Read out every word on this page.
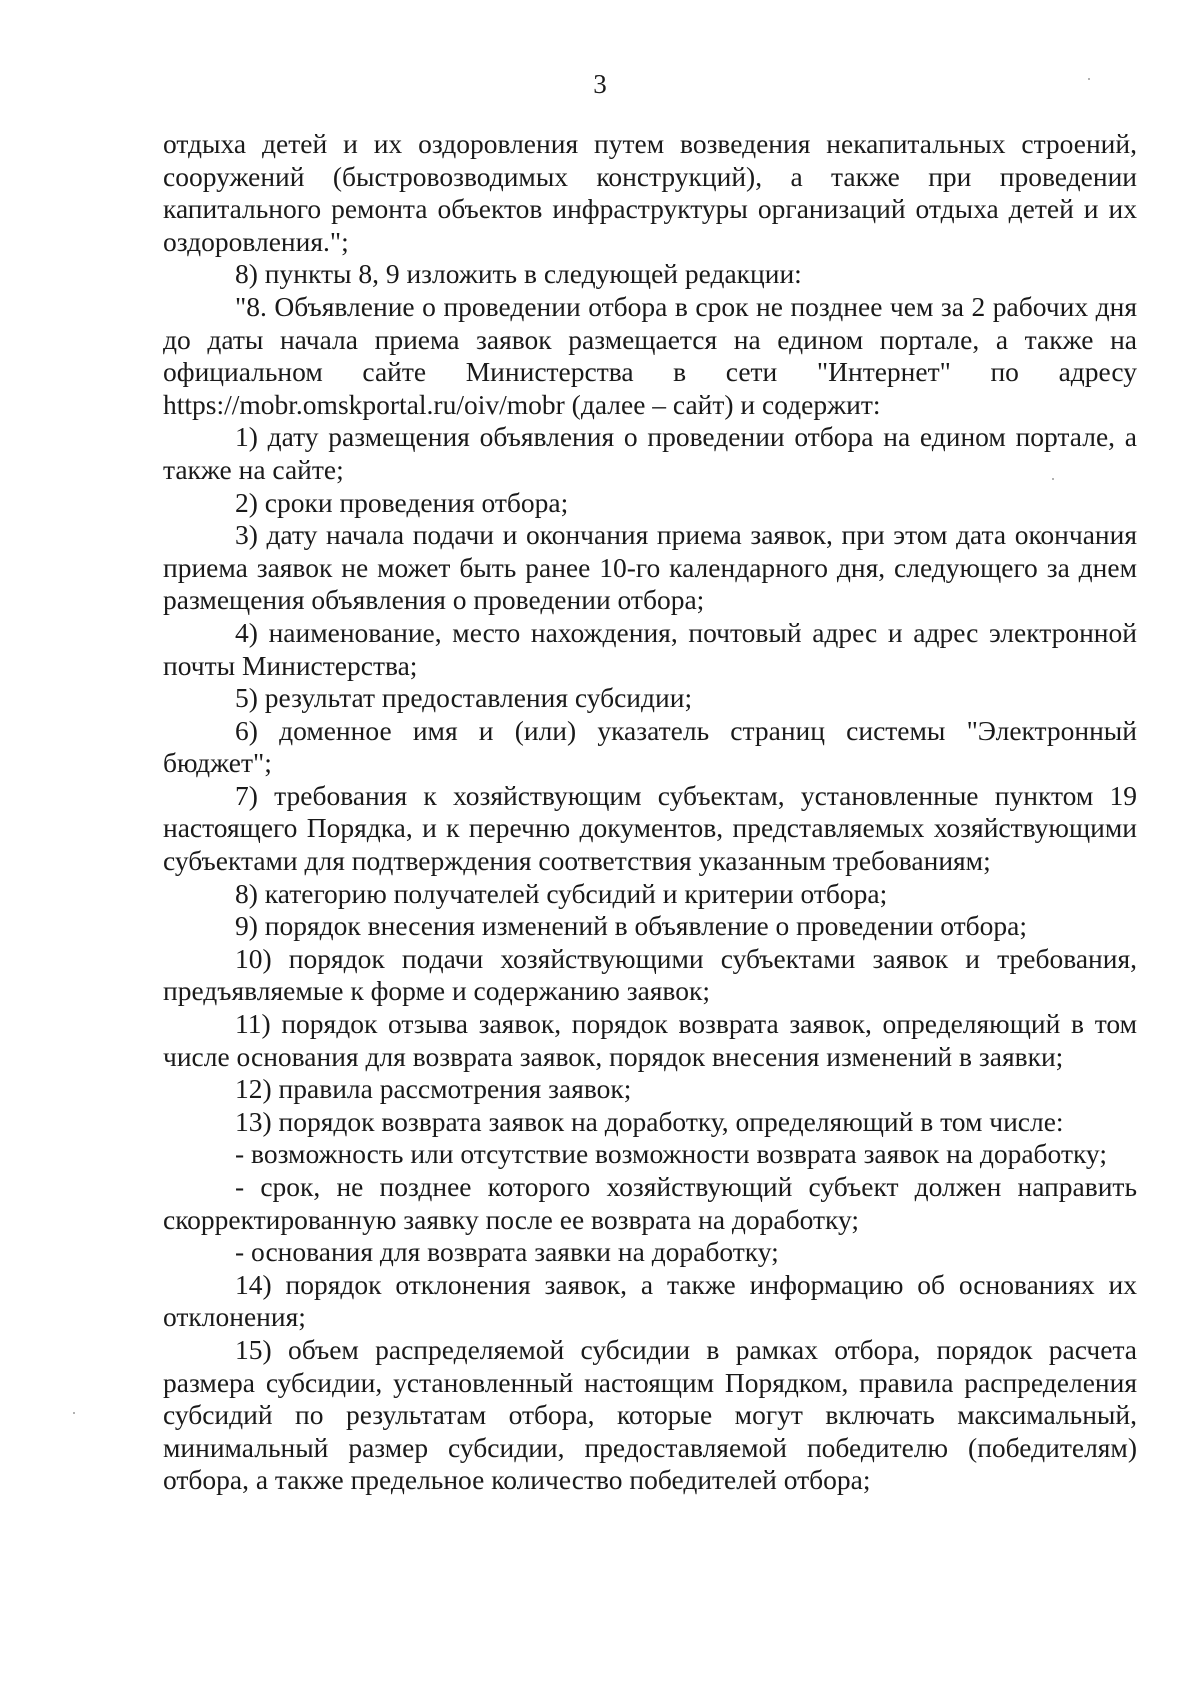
3

отдыха детей и их оздоровления путем возведения некапитальных строений, сооружений (быстровозводимых конструкций), а также при проведении капитального ремонта объектов инфраструктуры организаций отдыха детей и их оздоровления.";

8) пункты 8, 9 изложить в следующей редакции:

"8. Объявление о проведении отбора в срок не позднее чем за 2 рабочих дня до даты начала приема заявок размещается на едином портале, а также на официальном сайте Министерства в сети "Интернет" по адресу https://mobr.omskportal.ru/oiv/mobr (далее – сайт) и содержит:

1) дату размещения объявления о проведении отбора на едином портале, а также на сайте;

2) сроки проведения отбора;

3) дату начала подачи и окончания приема заявок, при этом дата окончания приема заявок не может быть ранее 10-го календарного дня, следующего за днем размещения объявления о проведении отбора;

4) наименование, место нахождения, почтовый адрес и адрес электронной почты Министерства;

5) результат предоставления субсидии;

6) доменное имя и (или) указатель страниц системы "Электронный бюджет";

7) требования к хозяйствующим субъектам, установленные пунктом 19 настоящего Порядка, и к перечню документов, представляемых хозяйствующими субъектами для подтверждения соответствия указанным требованиям;

8) категорию получателей субсидий и критерии отбора;

9) порядок внесения изменений в объявление о проведении отбора;

10) порядок подачи хозяйствующими субъектами заявок и требования, предъявляемые к форме и содержанию заявок;

11) порядок отзыва заявок, порядок возврата заявок, определяющий в том числе основания для возврата заявок, порядок внесения изменений в заявки;

12) правила рассмотрения заявок;

13) порядок возврата заявок на доработку, определяющий в том числе:

- возможность или отсутствие возможности возврата заявок на доработку;

- срок, не позднее которого хозяйствующий субъект должен направить скорректированную заявку после ее возврата на доработку;

- основания для возврата заявки на доработку;

14) порядок отклонения заявок, а также информацию об основаниях их отклонения;

15) объем распределяемой субсидии в рамках отбора, порядок расчета размера субсидии, установленный настоящим Порядком, правила распределения субсидий по результатам отбора, которые могут включать максимальный, минимальный размер субсидии, предоставляемой победителю (победителям) отбора, а также предельное количество победителей отбора;
